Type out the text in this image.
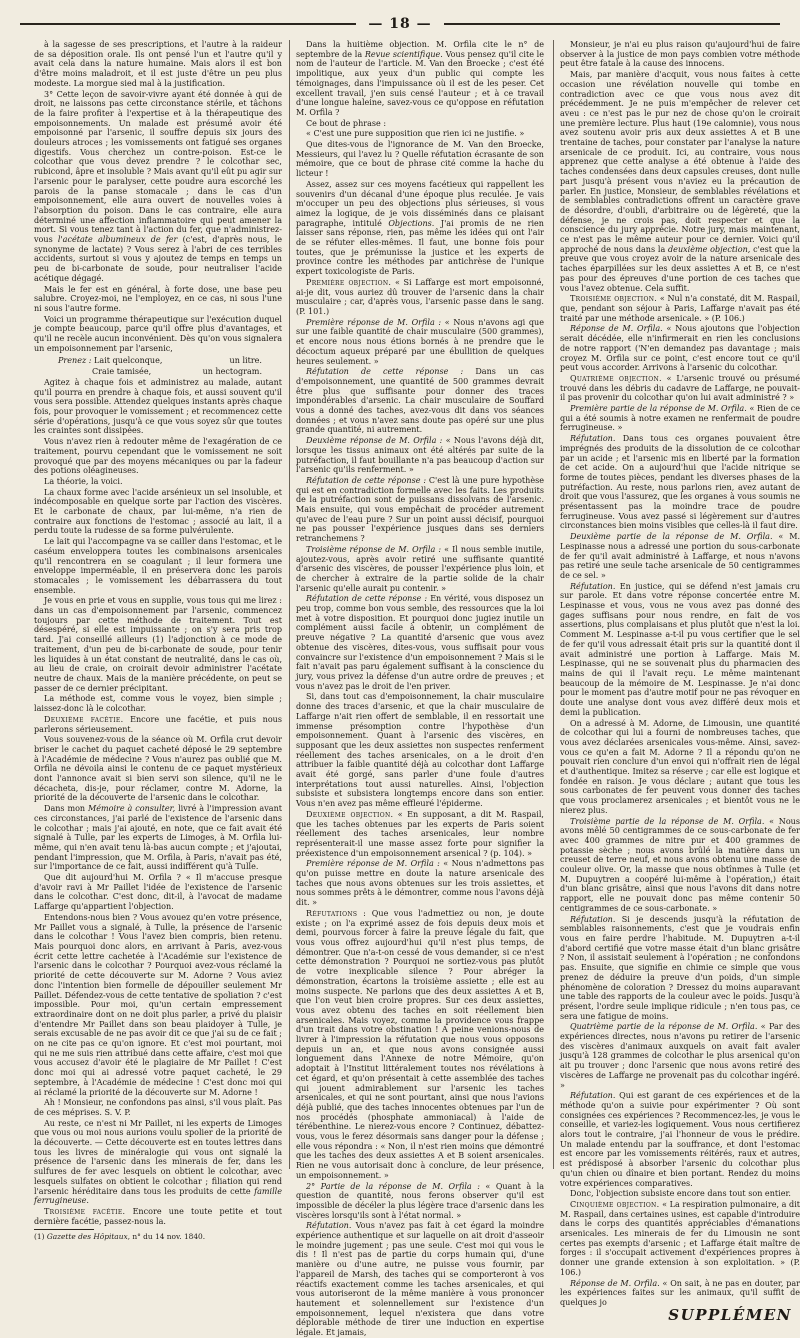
— 18 —

à la sagesse de ses prescriptions, et l'autre à la raideur de sa déposition orale. Ils ont pensé l'un et l'autre qu'il y avait cela dans la nature humaine. Mais alors il est bon d'être moins maladroit, et il est juste d'être un peu plus modeste. La morgue sied mal à la justification.

3° Cette leçon de savoir-vivre ayant été donnée à qui de droit, ne laissons pas cette circonstance stérile, et tâchons de la faire profiter à l'expertise et à la thérapeutique des empoisonnements. Un malade est présumé avoir été empoisonné par l'arsenic, il souffre depuis six jours des douleurs atroces ; les vomissements ont fatigué ses organes digestifs. Vous cherchez un contre-poison. Est-ce le colcothar que vous devez prendre ? le colcothar sec, rubicond, âpre et insoluble ? Mais avant qu'il eût pu agir sur l'arsenic pour le paralyser, cette poudre aura escorché les parois de la panse stomacale ; dans le cas d'un empoisonnement, elle aura ouvert de nouvelles voies à l'absorption du poison. Dans le cas contraire, elle aura déterminé une affection inflammatoire qui peut amener la mort. Si vous tenez tant à l'action du fer, que n'administrez-vous l'acétate albumineux de fer (c'est, d'après nous, le synonyme de lactate) ? Vous serez à l'abri de ces terribles accidents, surtout si vous y ajoutez de temps en temps un peu de bi-carbonate de soude, pour neutraliser l'acide acétique dégagé.

Mais le fer est en général, à forte dose, une base peu salubre. Croyez-moi, ne l'employez, en ce cas, ni sous l'une ni sous l'autre forme.

Voici un programme thérapeutique sur l'exécution duquel je compte beaucoup, parce qu'il offre plus d'avantages, et qu'il ne recèle aucun inconvénient. Dès qu'on vous signalera un empoisonnement par l'arsenic,

Prenez : Lait quelconque,	un litre.
Craie tamisée,	un hectogram.

Agitez à chaque fois et administrez au malade, autant qu'il pourra en prendre à chaque fois, et aussi souvent qu'il vous sera possible. Attendez quelques instants après chaque fois, pour provoquer le vomissement ; et recommencez cette série d'opérations, jusqu'à ce que vous soyez sûr que toutes les craintes sont dissipées.

Vous n'avez rien à redouter même de l'exagération de ce traitement, pourvu cependant que le vomissement ne soit provoqué que par des moyens mécaniques ou par la fadeur des potions oléagineuses.

La théorie, la voici.

La chaux forme avec l'acide arsénieux un sel insoluble, et indécomposable en quelque sorte par l'action des viscères. Et le carbonate de chaux, par lui-même, n'a rien de contraire aux fonctions de l'estomac ; associé au lait, il a perdu toute la rudesse de sa forme pulvérulente.

Le lait qui l'accompagne va se cailler dans l'estomac, et le caséum enveloppera toutes les combinaisons arsenicales qu'il rencontrera en se coagulant ; il leur formera une enveloppe imperméable, il en préservera donc les parois stomacales ; le vomissement les débarrassera du tout ensemble.

Je vous en prie et vous en supplie, vous tous qui me lirez : dans un cas d'empoisonnement par l'arsenic, commencez toujours par cette méthode de traitement. Tout est désespéré, si elle est impuissante ; on s'y sera pris trop tard. J'ai conseillé ailleurs (1) l'adjonction à ce mode de traitement, d'un peu de bi-carbonate de soude, pour tenir les liquides à un état constant de neutralité, dans le cas où, au lieu de craie, on croirait devoir administrer l'acétate neutre de chaux. Mais de la manière précédente, on peut se passer de ce dernier précipitant.

La méthode est, comme vous le voyez, bien simple ; laissez-donc là le colcothar.

Deuxième facétie. Encore une facétie, et puis nous parlerons sérieusement.

Vous souvenez-vous de la séance où M. Orfila crut devoir briser le cachet du paquet cacheté déposé le 29 septembre à l'Académie de médecine ? Vous n'aurez pas oublié que M. Orfila ne dévoila ainsi le contenu de ce paquet mystérieux dont l'annonce avait si bien servi son silence, qu'il ne le décacheta, dis-je, pour réclamer, contre M. Adorne, la priorité de la découverte de l'arsenic dans le colcothar.

Dans mon Mémoire à consulter, livré à l'impression avant ces circonstances, j'ai parlé de l'existence de l'arsenic dans le colcothar ; mais j'ai ajouté, en note, que ce fait avait été signalé à Tulle, par les experts de Limoges, à M. Orfila lui-même, qui n'en avait tenu là-bas aucun compte ; et j'ajoutai, pendant l'impression, que M. Orfila, à Paris, n'avait pas été, sur l'importance de ce fait, aussi indifférent qu'à Tulle.

Que dit aujourd'hui M. Orfila ? « Il m'accuse presque d'avoir ravi à Mr Paillet l'idée de l'existence de l'arsenic dans le colcothar. C'est donc, dit-il, à l'avocat de madame Laffarge qu'appartient l'objection.

Entendons-nous bien ? Vous avouez qu'en votre présence, Mr Paillet vous a signalé, à Tulle, la présence de l'arsenic dans le colcothar ! Vous l'avez bien compris, bien retenu. Mais pourquoi donc alors, en arrivant à Paris, avez-vous écrit cette lettre cachetée à l'Académie sur l'existence de l'arsenic dans le colcothar ? Pourquoi avez-vous réclamé la priorité de cette découverte sur M. Adorne ? Vous aviez donc l'intention bien formelle de dépouiller seulement Mr Paillet. Défendez-vous de cette tentative de spoliation ? c'est impossible. Pour moi, qu'un certain empressement extraordinaire dont on ne doit plus parler, a privé du plaisir d'entendre Mr Paillet dans son beau plaidoyer à Tulle, je serais excusable de ne pas avoir dit ce que j'ai su de ce fait ; on ne cite pas ce qu'on ignore. Et c'est moi pourtant, moi qui ne me suis rien attribué dans cette affaire, c'est moi que vous accusez d'avoir été le plagiaire de Mr Paillet ! C'est donc moi qui ai adressé votre paquet cacheté, le 29 septembre, à l'Académie de médecine ! C'est donc moi qui ai réclamé la priorité de la découverte sur M. Adorne !

Ah ! Monsieur, ne confondons pas ainsi, s'il vous plaît. Pas de ces méprises. S. V. P.

Au reste, ce n'est ni Mr Paillet, ni les experts de Limoges que vous ou moi nous aurions voulu spolier de la priorité de la découverte. — Cette découverte est en toutes lettres dans tous les livres de minéralogie qui vous ont signalé la présence de l'arsenic dans les minerais de fer, dans les sulfures de fer avec lesquels on obtient le colcothar, avec lesquels sulfates on obtient le colcothar ; filiation qui rend l'arsenic héréditaire dans tous les produits de cette famille ferrugineuse.

Troisième facétie. Encore une toute petite et tout dernière facétie, passez-nous la.

(1) Gazette des Hôpitaux, n° du 14 nov. 1840.

Dans la huitième objection. M. Orfila cite le n° de septembre de la Revue scientifique. Vous pensez qu'il cite le nom de l'auteur de l'article. M. Van den Broecke ; c'est été impolitique, aux yeux d'un public qui compte les témoignages, dans l'impuissance où il est de les peser. Cet excellent travail, j'en suis censé l'auteur ; et à ce travail d'une longue haleine, savez-vous ce qu'oppose en réfutation M. Orfila ?

Ce bout de phrase :

« C'est une pure supposition que rien ici ne justifie. »

Que dites-vous de l'ignorance de M. Van den Broecke, Messieurs, qui l'avez lu ? Quelle réfutation écrasante de son mémoire, que ce bout de phrase cité comme la hache du licteur !

Assez, assez sur ces moyens facétieux qui rappellent les souvenirs d'un décanal d'une époque plus reculée. Je vais m'occuper un peu des objections plus sérieuses, si vous aimez la logique, de je vois disséminés dans ce plaisant paragraphe, intitulé Objections. J'ai promis de ne rien laisser sans réponse, rien, pas même les idées qui ont l'air de se réfuter elles-mêmes. Il faut, une bonne fois pour toutes, que je prémunisse la justice et les experts de province contre les méthodes par antichrèse de l'unique expert toxicologiste de Paris.

Première objection. « Si Laffarge est mort empoisonné, ai-je dit, vous auriez dû trouver de l'arsenic dans la chair musculaire ; car, d'après vous, l'arsenic passe dans le sang. (P. 101.)

Première réponse de M. Orfila : « Nous n'avons agi que sur une faible quantité de chair musculaire (500 grammes), et encore nous nous étions bornés à ne prendre que le décoctum aqueux préparé par une ébullition de quelques heures seulement. »

Réfutation de cette réponse : Dans un cas d'empoisonnement, une quantité de 500 grammes devrait être plus que suffisante pour donner des traces impondérables d'arsenic. La chair musculaire de Souffard vous a donné des taches, avez-vous dit dans vos séances données ; et vous n'avez sans doute pas opéré sur une plus grande quantité, ni autrement.

Deuxième réponse de M. Orfila : « Nous l'avons déjà dit, lorsque les tissus animaux ont été altérés par suite de la putréfaction, il faut bouillante n'a pas beaucoup d'action sur l'arsenic qu'ils renferment. »

Réfutation de cette réponse : C'est là une pure hypothèse qui est en contradiction formelle avec les faits. Les produits de la putréfaction sont de puissans dissolvans de l'arsenic. Mais ensuite, qui vous empêchait de procéder autrement qu'avec de l'eau pure ? Sur un point aussi décisif, pourquoi ne pas pousser l'expérience jusques dans ses derniers retranchemens ?

Troisième réponse de M. Orfila : « Il nous semble inutile, ajoutez-vous, après avoir retiré une suffisante quantité d'arsenic des viscères, de pousser l'expérience plus loin, et de chercher à extraire de la partie solide de la chair l'arsenic qu'elle aurait pu contenir. »

Réfutation de cette réponse : En vérité, vous disposez un peu trop, comme bon vous semble, des ressources que la loi met à votre disposition. Et pourquoi donc jugiez inutile un complément aussi facile à obtenir, un complément de preuve négative ? La quantité d'arsenic que vous avez obtenue des viscères, dites-vous, vous suffisait pour vous convaincre sur l'existence d'un empoisonnement ? Mais si le fait n'avait pas paru également suffisant à la conscience du jury, vous privez la défense d'un autre ordre de preuves ; et vous n'avez pas le droit de l'en priver.

Si, dans tout cas d'empoisonnement, la chair musculaire donne des traces d'arsenic, et que la chair musculaire de Laffarge n'ait rien offert de semblable, il en ressortait une immense présomption contre l'hypothèse d'un empoisonnement. Quant à l'arsenic des viscères, en supposant que les deux assiettes non suspectes renferment réellement des taches arsenicales, on a le droit d'en attribuer la faible quantité déjà au colcothar dont Laffarge avait été gorgé, sans parler d'une foule d'autres interprétations tout aussi naturelles. Ainsi, l'objection subsiste et subsistera longtemps encore dans son entier. Vous n'en avez pas même effleuré l'épiderme.

Deuxième objection. « En supposant, a dit M. Raspail, que les taches obtenues par les experts de Paris soient réellement des taches arsenicales, leur nombre représenterait-il une masse assez forte pour signifier la préexistence d'un empoisonnement arsenical ? (p. 104). »

Première réponse de M. Orfila : « Nous n'admettons pas qu'on puisse mettre en doute la nature arsenicale des taches que nous avons obtenues sur les trois assiettes, et nous sommes prêts à le démontrer, comme nous l'avons déjà dit. »

Réfutations : Que vous l'admettiez ou non, je doute existe ; on l'a exprimé assez de fois depuis deux mois et demi, pourvous forcer à faire la preuve légale du fait, que vous vous offrez aujourd'hui qu'il n'est plus temps, de démontrer. Que n'a-t-on cessé de vous demander, si ce n'est cette démonstration ? Pourquoi ne sortiez-vous pas plutôt de votre inexplicable silence ? Pour abréger la démonstration, écartons la troisième assiette ; elle est au moins suspecte. Ne parlons que des deux assiettes A et B, que l'on veut bien croire propres. Sur ces deux assiettes, vous avez obtenu des taches en soit réellement bien arsenicales. Mais voyez, comme la providence vous frappe d'un trait dans votre obstination ! A peine venions-nous de livrer à l'impression la réfutation que nous vous opposons depuis un an, et que nous avons consignée aussi longuement dans l'Annexe de notre Mémoire, qu'on adoptait à l'Institut littéralement toutes nos révélations à cet égard, et qu'on présentait à cette assemblée des taches qui jouent admirablement sur l'arsenic les taches arsenicales, et qui ne sont pourtant, ainsi que nous l'avions déjà publié, que des taches innocentes obtenues par l'un de nos procédés (phosphate ammoniacal) à l'aide de térébenthine. Le nierez-vous encore ? Continuez, débattez-vous, vous le ferez désormais sans danger pour la défense ; elle vous répondra : « Non, il n'est rien moins que démontré que les taches des deux assiettes A et B soient arsenicales. Rien ne vous autorisait donc à conclure, de leur présence, un empoisonnement. »

2° Partie de la réponse de M. Orfila : « Quant à la question de quantité, nous ferons observer qu'il est impossible de décéler la plus légère trace d'arsenic dans les viscères lorsqu'ils sont à l'état normal. »

Réfutation. Vous n'avez pas fait à cet égard la moindre expérience authentique et sur laquelle on ait droit d'asseoir le moindre jugement ; pas une seule. C'est moi qui vous le dis ! Il n'est pas de partie du corps humain qui, d'une manière ou d'une autre, ne puisse vous fournir, par l'appareil de Marsh, des taches qui se comporteront à vos réactifs exactement comme les taches arsenicales, et qui vous autoriseront de la même manière à vous prononcer hautement et solennellement sur l'existence d'un empoisonnement, lequel n'existera que dans votre déplorable méthode de tirer une induction en expertise légale. Et jamais,

Monsieur, je n'ai eu plus raison qu'aujourd'hui de faire observer à la justice de mon pays combien votre méthode peut être fatale à la cause des innocens.

Mais, par manière d'acquit, vous nous faites à cette occasion une révélation nouvelle qui tombe en contradiction avec ce que vous nous avez dit précédemment. Je ne puis m'empêcher de relever cet aveu : ce n'est pas le pur nez de chose qu'on le croirait une première lecture. Plus haut (19e calomnie), vous nous avez soutenu avoir pris aux deux assiettes A et B une trentaine de taches, pour constater par l'analyse la nature arsenicale de ce produit. Ici, au contraire, vous nous apprenez que cette analyse a été obtenue à l'aide des taches condensées dans deux capsules creuses, dont nulle part jusqu'à présent vous n'aviez eu la précaution de parler. En justice, Monsieur, de semblables révélations et de semblables contradictions offrent un caractère grave de désordre, d'oubli, d'arbitraire ou de légèreté, que la défense, je ne crois pas, doit respecter et que la conscience du jury apprécie. Notre jury, mais maintenant, ce n'est pas le même auteur pour ce dernier. Voici qu'il approché de nous dans la deuxième objection, c'est que la preuve que vous croyez avoir de la nature arsenicale des taches éparpillées sur les deux assiettes A et B, ce n'est pas pour des épreuves d'une portion de ces taches que vous l'avez obtenue. Cela suffit.

Troisième objection. « Nul n'a constaté, dit M. Raspail, que, pendant son séjour à Paris, Laffarge n'avait pas été traité par une méthode arsenicale. » (P. 106.)

Réponse de M. Orfila. « Nous ajoutons que l'objection serait décédée, elle n'infirmerait en rien les conclusions de notre rapport ('N'en demandez pas davantage ; mais croyez M. Orfila sur ce point, c'est encore tout ce qu'il peut vous accorder. Arrivons à l'arsenic du colcothar.

Quatrième objection. « L'arsenic trouvé ou présumé trouvé dans les débris du cadavre de Laffarge, ne pouvait-il pas provenir du colcothar qu'on lui avait administré ? »

Première partie de la réponse de M. Orfila. « Rien de ce qui a été soumis à notre examen ne renfermait de poudre ferrugineuse. »

Réfutation. Dans tous ces organes pouvaient être imprégnés des produits de la dissolution de ce colcothar par un acide ; et l'arsenic mis en liberté par la formation de cet acide. On a aujourd'hui que l'acide nitrique se forme de toutes pièces, pendant les diverses phases de la putréfaction. Au reste, nous parlons rien, avez autant de droit que vous l'assurez, que les organes à vous soumis ne présentassent pas la moindre trace de poudre ferrugineuse. Vous avez passé si légèrement sur d'autres circonstances bien moins visibles que celles-là il faut dire.

Deuxième partie de la réponse de M. Orfila. « M. Lespinasse nous a adressé une portion du sous-carbonate de fer qu'il avait administré à Laffarge, et nous n'avons pas retiré une seule tache arsenicale de 50 centigrammes de ce sel. »

Réfutation. En justice, qui se défend n'est jamais cru sur parole. Et dans votre réponse concertée entre M. Lespinasse et vous, vous ne vous avez pas donné des gages suffisans pour nous rendre, en fait de vos assertions, plus complaisans et plus plutôt que n'est la loi. Comment M. Lespinasse a-t-il pu vous certifier que le sel de fer qu'il vous adressait était pris sur la quantité dont il avait administré une portion à Laffarge. Mais M. Lespinasse, qui ne se souvenait plus du pharmacien des mains de qui il l'avait reçu. Le même maintenant beaucoup de la mémoire de M. Lespinasse. Je n'ai donc pour le moment pas d'autre motif pour ne pas révoquer en doute une analyse dont vous avez différé deux mois et demi la publication.

On a adressé à M. Adorne, de Limousin, une quantité de colcothar qui lui a fourni de nombreuses taches, que vous avez déclarées arsenicales vous-même. Ainsi, savez-vous ce qu'en a fait M. Adorne ? Il a répondu qu'on ne pouvait rien conclure d'un envoi qui n'offrait rien de légal et d'authentique. Imitez sa réserve ; car elle est logique et fondée en raison. Je vous déclare ; autant que tous les sous carbonates de fer peuvent vous donner des taches que vous proclamerez arsenicales ; et bientôt vous ne le nierez plus.

Troisième partie de la réponse de M. Orfila. « Nous avons mêlé 50 centigrammes de ce sous-carbonate de fer avec 400 grammes de nitre pur et 400 grammes de potassie sèche ; nous avons brûlé la matière dans un creuset de terre neuf, et nous avons obtenu une masse de couleur olive. Or, la masse que nous obtînmes à Tulle (et M. Dupuytren a coopéré lui-même à l'opération,) était d'un blanc grisâtre, ainsi que nous l'avons dit dans notre rapport, elle ne pouvait donc pas même contenir 50 centigrammes de ce sous-carbonate. »

Réfutation. Si je descends jusqu'à la réfutation de semblables raisonnements, c'est que je voudrais enfin vous en faire perdre l'habitude. M. Dupuytren a-t-il d'abord certifié que votre masse était d'un blanc grisâtre ? Non, il assistait seulement à l'opération ; ne confondons pas. Ensuite, que signifie en chimie ce simple que vous prenez de déduire la preuve d'un poids, d'un simple phénomène de coloration ? Dressez du moins auparavant une table des rapports de la couleur avec le poids. Jusqu'à présent, l'ordre seule implique ridicule ; n'en tous pas, ce sera une fatigue de moins.

Quatrième partie de la réponse de M. Orfila. « Par des expériences directes, nous n'avons pu retirer de l'arsenic des viscères d'animaux auxquels on avait fait avaler jusqu'à 128 grammes de colcothar le plus arsenical qu'on ait pu trouver ; donc l'arsenic que nous avons retiré des viscères de Laffarge ne provenait pas du colcothar ingéré. »

Réfutation. Qui est garant de ces expériences et de la méthode qu'on a suivie pour expérimenter ? Où sont consignées ces expériences ? Recommencez-les, je vous le conseille, et variez-les logiquement. Vous nous certifierez alors tout le contraire, j'ai l'honneur de vous le prédire. Un malade entendu par la souffrance, et dont l'estomac est encore par les vomissements réitérés, raux et autres, est prédisposé à absorber l'arsenic du colcothar plus qu'un chien ou dînaire et bien portant. Rendez du moins votre expériences comparatives.

Donc, l'objection subsiste encore dans tout son entier.

Cinquième objection. « La respiration pulmonaire, a dit M. Raspail, dans certaines usines, est capable d'introduire dans le corps des quantités appréciables d'émanations arsenicales. Les minerais de fer du Limousin ne sont certes pas exempts d'arsenic ; et Laffarge était maître de forges : il s'occupait activement d'expériences propres à donner une grande extension à son exploitation. » (P. 106.)

Réponse de M. Orfila. « On sait, à ne pas en douter, par les expériences faites sur les animaux, qu'il suffit de quelques jo

SUPPLÉMEN
